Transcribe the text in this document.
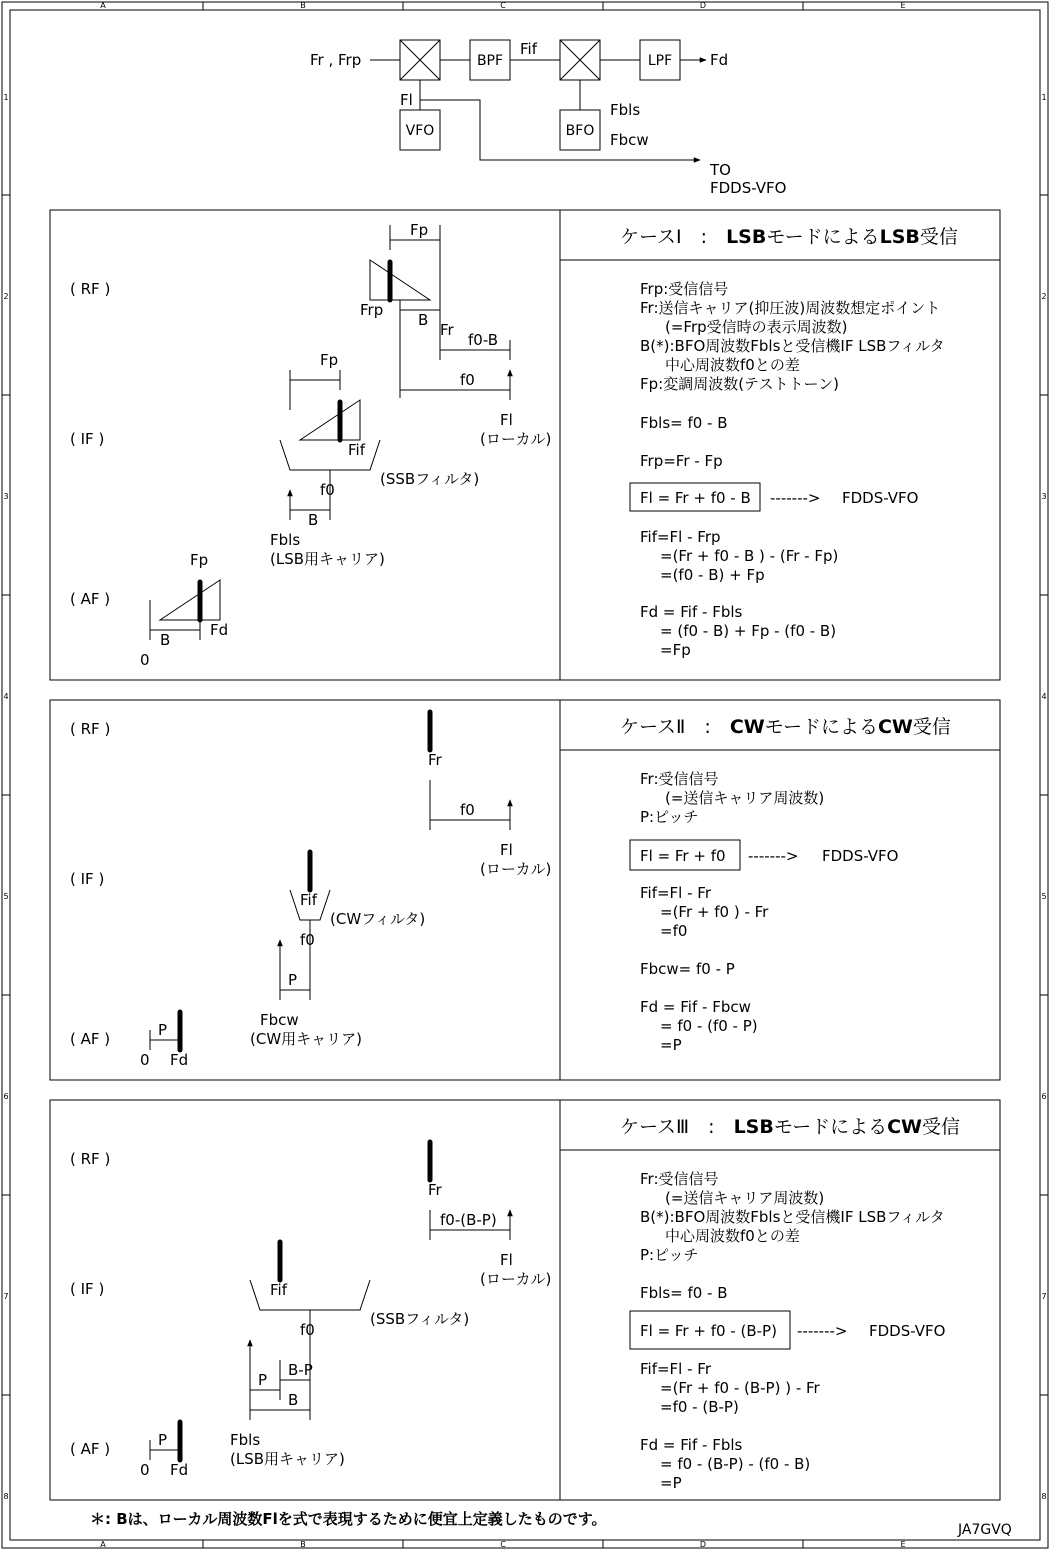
A	B	C	D	E
A	B	C	D	E
1
2
3
4
5
6
7
8
1
2
3
4
5
6
7
8
Fr , Frp	BPF
Fif
LPF	Fd
Fl
VFO	BFO
Fbls
Fbcw
TO
FDDS-VFO
ケースⅠ　:　LSBモードによるLSB受信
( RF )
( IF )
( AF )
Fp
Frp
B
Fr
f0-B
f0
Fl
(ローカル)
Fp
Fif
(SSBフィルタ)
f0
B
Fbls
(LSB用キャリア)
Fp
B
Fd
0
Frp:受信信号
Fr:送信キャリア(抑圧波)周波数想定ポイント
　(=Frp受信時の表示周波数)
B(*):BFO周波数Fblsと受信機IF LSBフィルタ
　中心周波数f0との差
Fp:変調周波数(テストトーン)
Fbls= f0 - B
Frp=Fr - Fp
Fl = Fr + f0 - B -------> FDDS-VFO
Fif=Fl - Frp
=(Fr + f0 - B ) - (Fr - Fp)
=(f0 - B) + Fp
Fd = Fif - Fbls
= (f0 - B) + Fp - (f0 - B)
=Fp
ケースⅡ　:　CWモードによるCW受信
( RF )
( IF )
( AF )
Fr
f0
Fl
(ローカル)
Fif
(CWフィルタ)
f0
P
Fbcw
(CW用キャリア)
P
0 Fd
Fr:受信信号
　(=送信キャリア周波数)
P:ピッチ
Fl = Fr + f0 -------> FDDS-VFO
Fif=Fl - Fr
=(Fr + f0 ) - Fr
=f0
Fbcw= f0 - P
Fd = Fif - Fbcw
= f0 - (f0 - P)
=P
ケースⅢ　:　LSBモードによるCW受信
( RF )
( IF )
( AF )
Fr
f0-(B-P)
Fl
(ローカル)
Fif
(SSBフィルタ)
f0
B-P
P
B
Fbls
(LSB用キャリア)
P
0 Fd
Fr:受信信号
　(=送信キャリア周波数)
B(*):BFO周波数Fblsと受信機IF LSBフィルタ
　中心周波数f0との差
P:ピッチ
Fbls= f0 - B
Fl = Fr + f0 - (B-P) -------> FDDS-VFO
Fif=Fl - Fr
=(Fr + f0 - (B-P) ) - Fr
=f0 - (B-P)
Fd = Fif - Fbls
= f0 - (B-P) - (f0 - B)
=P
＊: Bは、ローカル周波数Flを式で表現するために便宜上定義したものです。
JA7GVQ
